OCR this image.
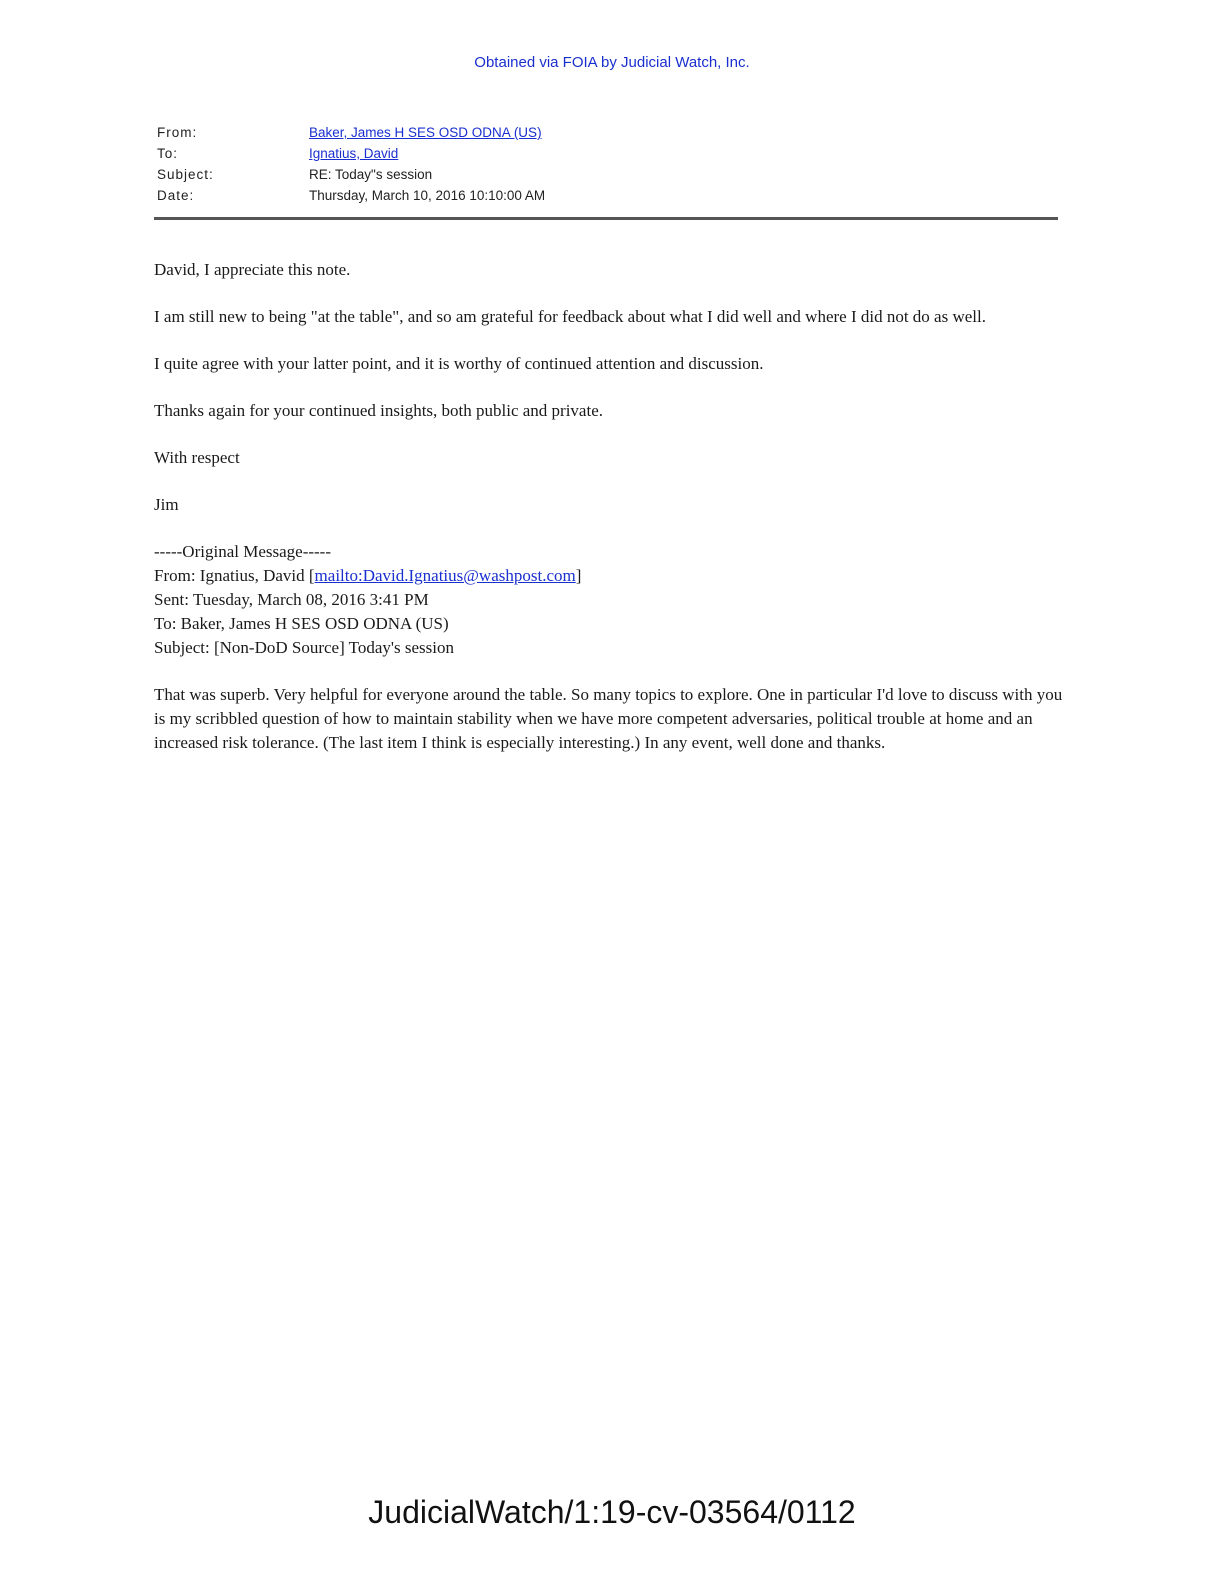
Obtained via FOIA by Judicial Watch, Inc.
From:	Baker, James H SES OSD ODNA (US)
To:	Ignatius, David
Subject:	RE: Today"s session
Date:	Thursday, March 10, 2016 10:10:00 AM

David, I appreciate this note.

I am still new to being "at the table", and so am grateful for feedback about what I did well and where I did not do as well.

I quite agree with your latter point, and it is worthy of continued attention and discussion.

Thanks again for your continued insights, both public and private.

With respect

Jim

-----Original Message-----

From: Ignatius, David [mailto:David.Ignatius@washpost.com]

Sent: Tuesday, March 08, 2016 3:41 PM

To: Baker, James H SES OSD ODNA (US)

Subject: [Non-DoD Source] Today's session

That was superb. Very helpful for everyone around the table. So many topics to explore. One in particular I'd love to discuss with you is my scribbled question of how to maintain stability when we have more competent adversaries, political trouble at home and an increased risk tolerance. (The last item I think is especially interesting.) In any event, well done and thanks.

JudicialWatch/1:19-cv-03564/0112
